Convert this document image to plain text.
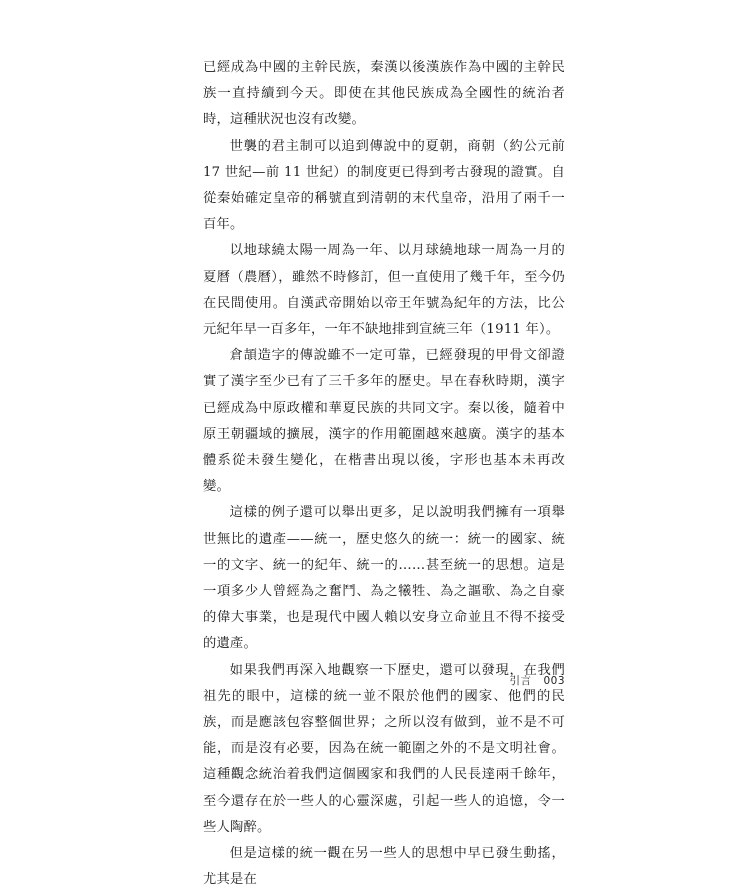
已經成為中國的主幹民族，秦漢以後漢族作為中國的主幹民族一直持續到今天。即使在其他民族成為全國性的統治者時，這種狀況也沒有改變。

世襲的君主制可以追到傳說中的夏朝，商朝（約公元前 17 世紀—前 11 世紀）的制度更已得到考古發現的證實。自從秦始確定皇帝的稱號直到清朝的末代皇帝，沿用了兩千一百年。

以地球繞太陽一周為一年、以月球繞地球一周為一月的夏曆（農曆），雖然不時修訂，但一直使用了幾千年，至今仍在民間使用。自漢武帝開始以帝王年號為紀年的方法，比公元紀年早一百多年，一年不缺地排到宣統三年（1911 年）。

倉頡造字的傳說雖不一定可靠，已經發現的甲骨文卻證實了漢字至少已有了三千多年的歷史。早在春秋時期，漢字已經成為中原政權和華夏民族的共同文字。秦以後，隨着中原王朝疆域的擴展，漢字的作用範圍越來越廣。漢字的基本體系從未發生變化，在楷書出現以後，字形也基本未再改變。

這樣的例子還可以舉出更多，足以說明我們擁有一項舉世無比的遺產——統一，歷史悠久的統一：統一的國家、統一的文字、統一的紀年、統一的……甚至統一的思想。這是一項多少人曾經為之奮鬥、為之犧牲、為之謳歌、為之自豪的偉大事業，也是現代中國人賴以安身立命並且不得不接受的遺產。

如果我們再深入地觀察一下歷史，還可以發現，在我們祖先的眼中，這樣的統一並不限於他們的國家、他們的民族，而是應該包容整個世界；之所以沒有做到，並不是不可能，而是沒有必要，因為在統一範圍之外的不是文明社會。這種觀念統治着我們這個國家和我們的人民長達兩千餘年，至今還存在於一些人的心靈深處，引起一些人的追憶，令一些人陶醉。

但是這樣的統一觀在另一些人的思想中早已發生動搖，尤其是在

引言 003
